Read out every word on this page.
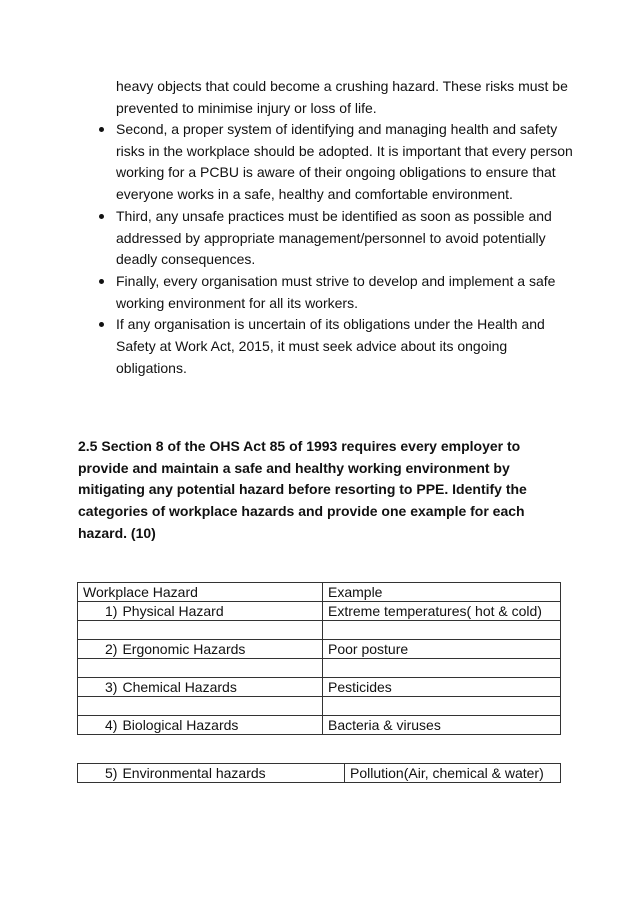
heavy objects that could become a crushing hazard. These risks must be prevented to minimise injury or loss of life.

Second, a proper system of identifying and managing health and safety risks in the workplace should be adopted. It is important that every person working for a PCBU is aware of their ongoing obligations to ensure that everyone works in a safe, healthy and comfortable environment.
Third, any unsafe practices must be identified as soon as possible and addressed by appropriate management/personnel to avoid potentially deadly consequences.
Finally, every organisation must strive to develop and implement a safe working environment for all its workers.
If any organisation is uncertain of its obligations under the Health and Safety at Work Act, 2015, it must seek advice about its ongoing obligations.

2.5 Section 8 of the OHS Act 85 of 1993 requires every employer to provide and maintain a safe and healthy working environment by mitigating any potential hazard before resorting to PPE. Identify the categories of workplace hazards and provide one example for each hazard. (10)

Workplace Hazard	Example
1) Physical Hazard	Extreme temperatures( hot & cold)

2) Ergonomic Hazards	Poor posture

3) Chemical Hazards	Pesticides

4) Biological Hazards	Bacteria & viruses
5) Environmental hazards	Pollution(Air, chemical & water)
